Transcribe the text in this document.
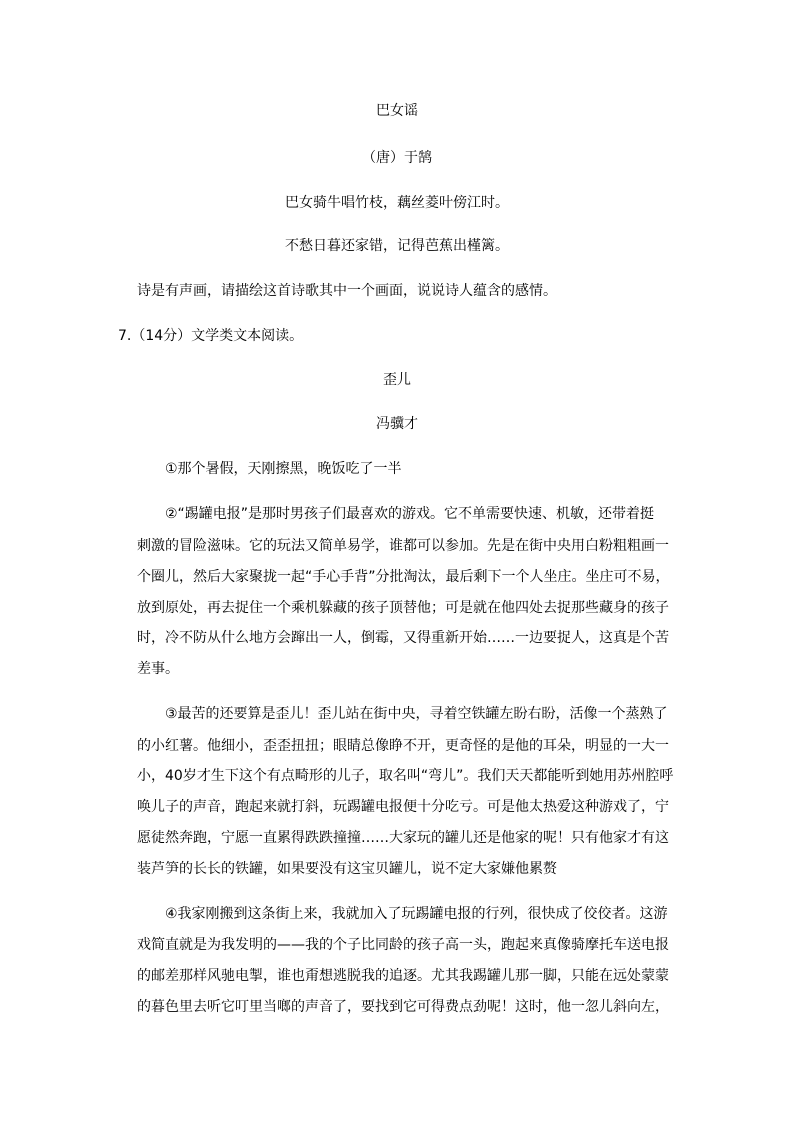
巴女谣
（唐）于鹄
巴女骑牛唱竹枝，藕丝菱叶傍江时。
不愁日暮还家错，记得芭蕉出槿篱。
诗是有声画，请描绘这首诗歌其中一个画面，说说诗人蕴含的感情。
7.（14分）文学类文本阅读。
歪儿
冯骥才
①那个暑假，天刚擦黑，晚饭吃了一半
②“踢罐电报”是那时男孩子们最喜欢的游戏。它不单需要快速、机敏，还带着挺
刺激的冒险滋味。它的玩法又简单易学，谁都可以参加。先是在街中央用白粉粗粗画一
个圈儿，然后大家聚拢一起“手心手背”分批淘汰，最后剩下一个人坐庄。坐庄可不易，
放到原处，再去捉住一个乘机躲藏的孩子顶替他；可是就在他四处去捉那些藏身的孩子
时，冷不防从什么地方会蹿出一人，倒霉，又得重新开始……一边要捉人，这真是个苦
差事。
③最苦的还要算是歪儿！歪儿站在街中央，寻着空铁罐左盼右盼，活像一个蒸熟了
的小红薯。他细小，歪歪扭扭；眼睛总像睁不开，更奇怪的是他的耳朵，明显的一大一
小，40岁才生下这个有点畸形的儿子，取名叫“弯儿”。我们天天都能听到她用苏州腔呼
唤儿子的声音，跑起来就打斜，玩踢罐电报便十分吃亏。可是他太热爱这种游戏了，宁
愿徒然奔跑，宁愿一直累得跌跌撞撞……大家玩的罐儿还是他家的呢！只有他家才有这
装芦笋的长长的铁罐，如果要没有这宝贝罐儿，说不定大家嫌他累赘
④我家刚搬到这条街上来，我就加入了玩踢罐电报的行列，很快成了佼佼者。这游
戏简直就是为我发明的——我的个子比同龄的孩子高一头，跑起来真像骑摩托车送电报
的邮差那样风驰电掣，谁也甭想逃脱我的追逐。尤其我踢罐儿那一脚，只能在远处蒙蒙
的暮色里去听它叮里当啷的声音了，要找到它可得费点劲呢！这时，他一忽儿斜向左，
